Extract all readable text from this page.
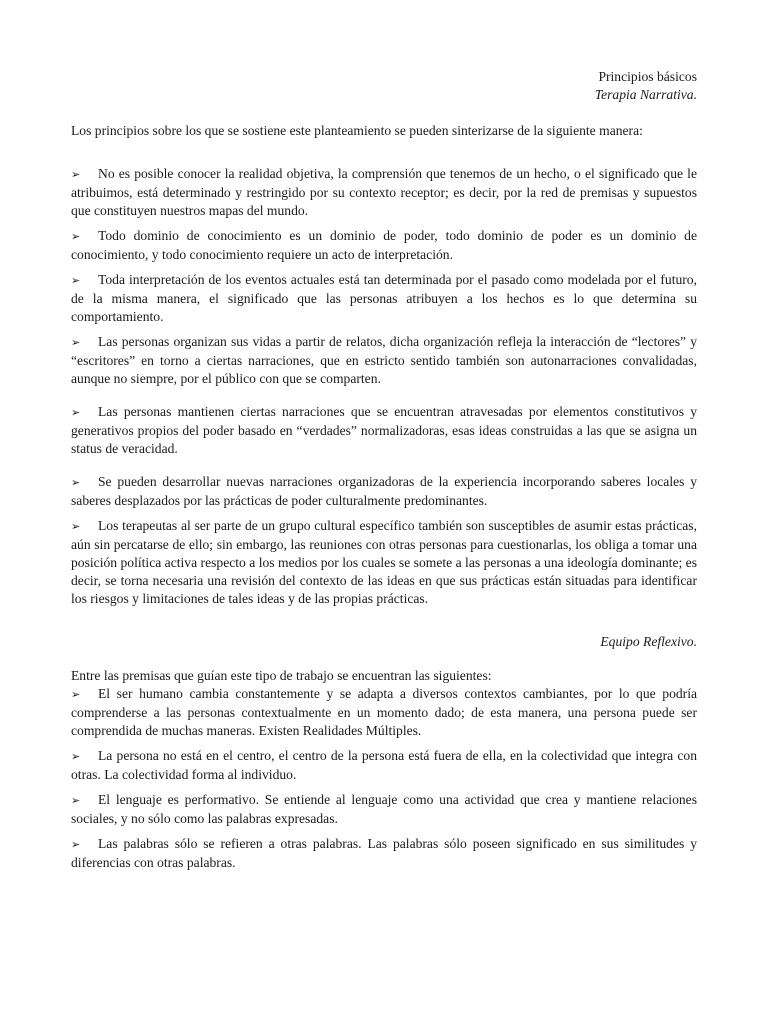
Principios básicos
Terapia Narrativa.

Los principios sobre los que se sostiene este planteamiento se pueden sinterizarse de la siguiente manera:

➢ No es posible conocer la realidad objetiva, la comprensión que tenemos de un hecho, o el significado que le atribuimos, está determinado y restringido por su contexto receptor; es decir, por la red de premisas y supuestos que constituyen nuestros mapas del mundo.
➢ Todo dominio de conocimiento es un dominio de poder, todo dominio de poder es un dominio de conocimiento, y todo conocimiento requiere un acto de interpretación.
➢ Toda interpretación de los eventos actuales está tan determinada por el pasado como modelada por el futuro, de la misma manera, el significado que las personas atribuyen a los hechos es lo que determina su comportamiento.
➢ Las personas organizan sus vidas a partir de relatos, dicha organización refleja la interacción de “lectores” y “escritores” en torno a ciertas narraciones, que en estricto sentido también son autonarraciones convalidadas, aunque no siempre, por el público con que se comparten.
➢ Las personas mantienen ciertas narraciones que se encuentran atravesadas por elementos constitutivos y generativos propios del poder basado en “verdades” normalizadoras, esas ideas construidas a las que se asigna un status de veracidad.
➢ Se pueden desarrollar nuevas narraciones organizadoras de la experiencia incorporando saberes locales y saberes desplazados por las prácticas de poder culturalmente predominantes.
➢ Los terapeutas al ser parte de un grupo cultural específico también son susceptibles de asumir estas prácticas, aún sin percatarse de ello; sin embargo, las reuniones con otras personas para cuestionarlas, los obliga a tomar una posición política activa respecto a los medios por los cuales se somete a las personas a una ideología dominante; es decir, se torna necesaria una revisión del contexto de las ideas en que sus prácticas están situadas para identificar los riesgos y limitaciones de tales ideas y de las propias prácticas.

Equipo Reflexivo.

Entre las premisas que guían este tipo de trabajo se encuentran las siguientes:

➢ El ser humano cambia constantemente y se adapta a diversos contextos cambiantes, por lo que podría comprenderse a las personas contextualmente en un momento dado; de esta manera, una persona puede ser comprendida de muchas maneras. Existen Realidades Múltiples.
➢ La persona no está en el centro, el centro de la persona está fuera de ella, en la colectividad que integra con otras. La colectividad forma al individuo.
➢ El lenguaje es performativo. Se entiende al lenguaje como una actividad que crea y mantiene relaciones sociales, y no sólo como las palabras expresadas.
➢ Las palabras sólo se refieren a otras palabras. Las palabras sólo poseen significado en sus similitudes y diferencias con otras palabras.
